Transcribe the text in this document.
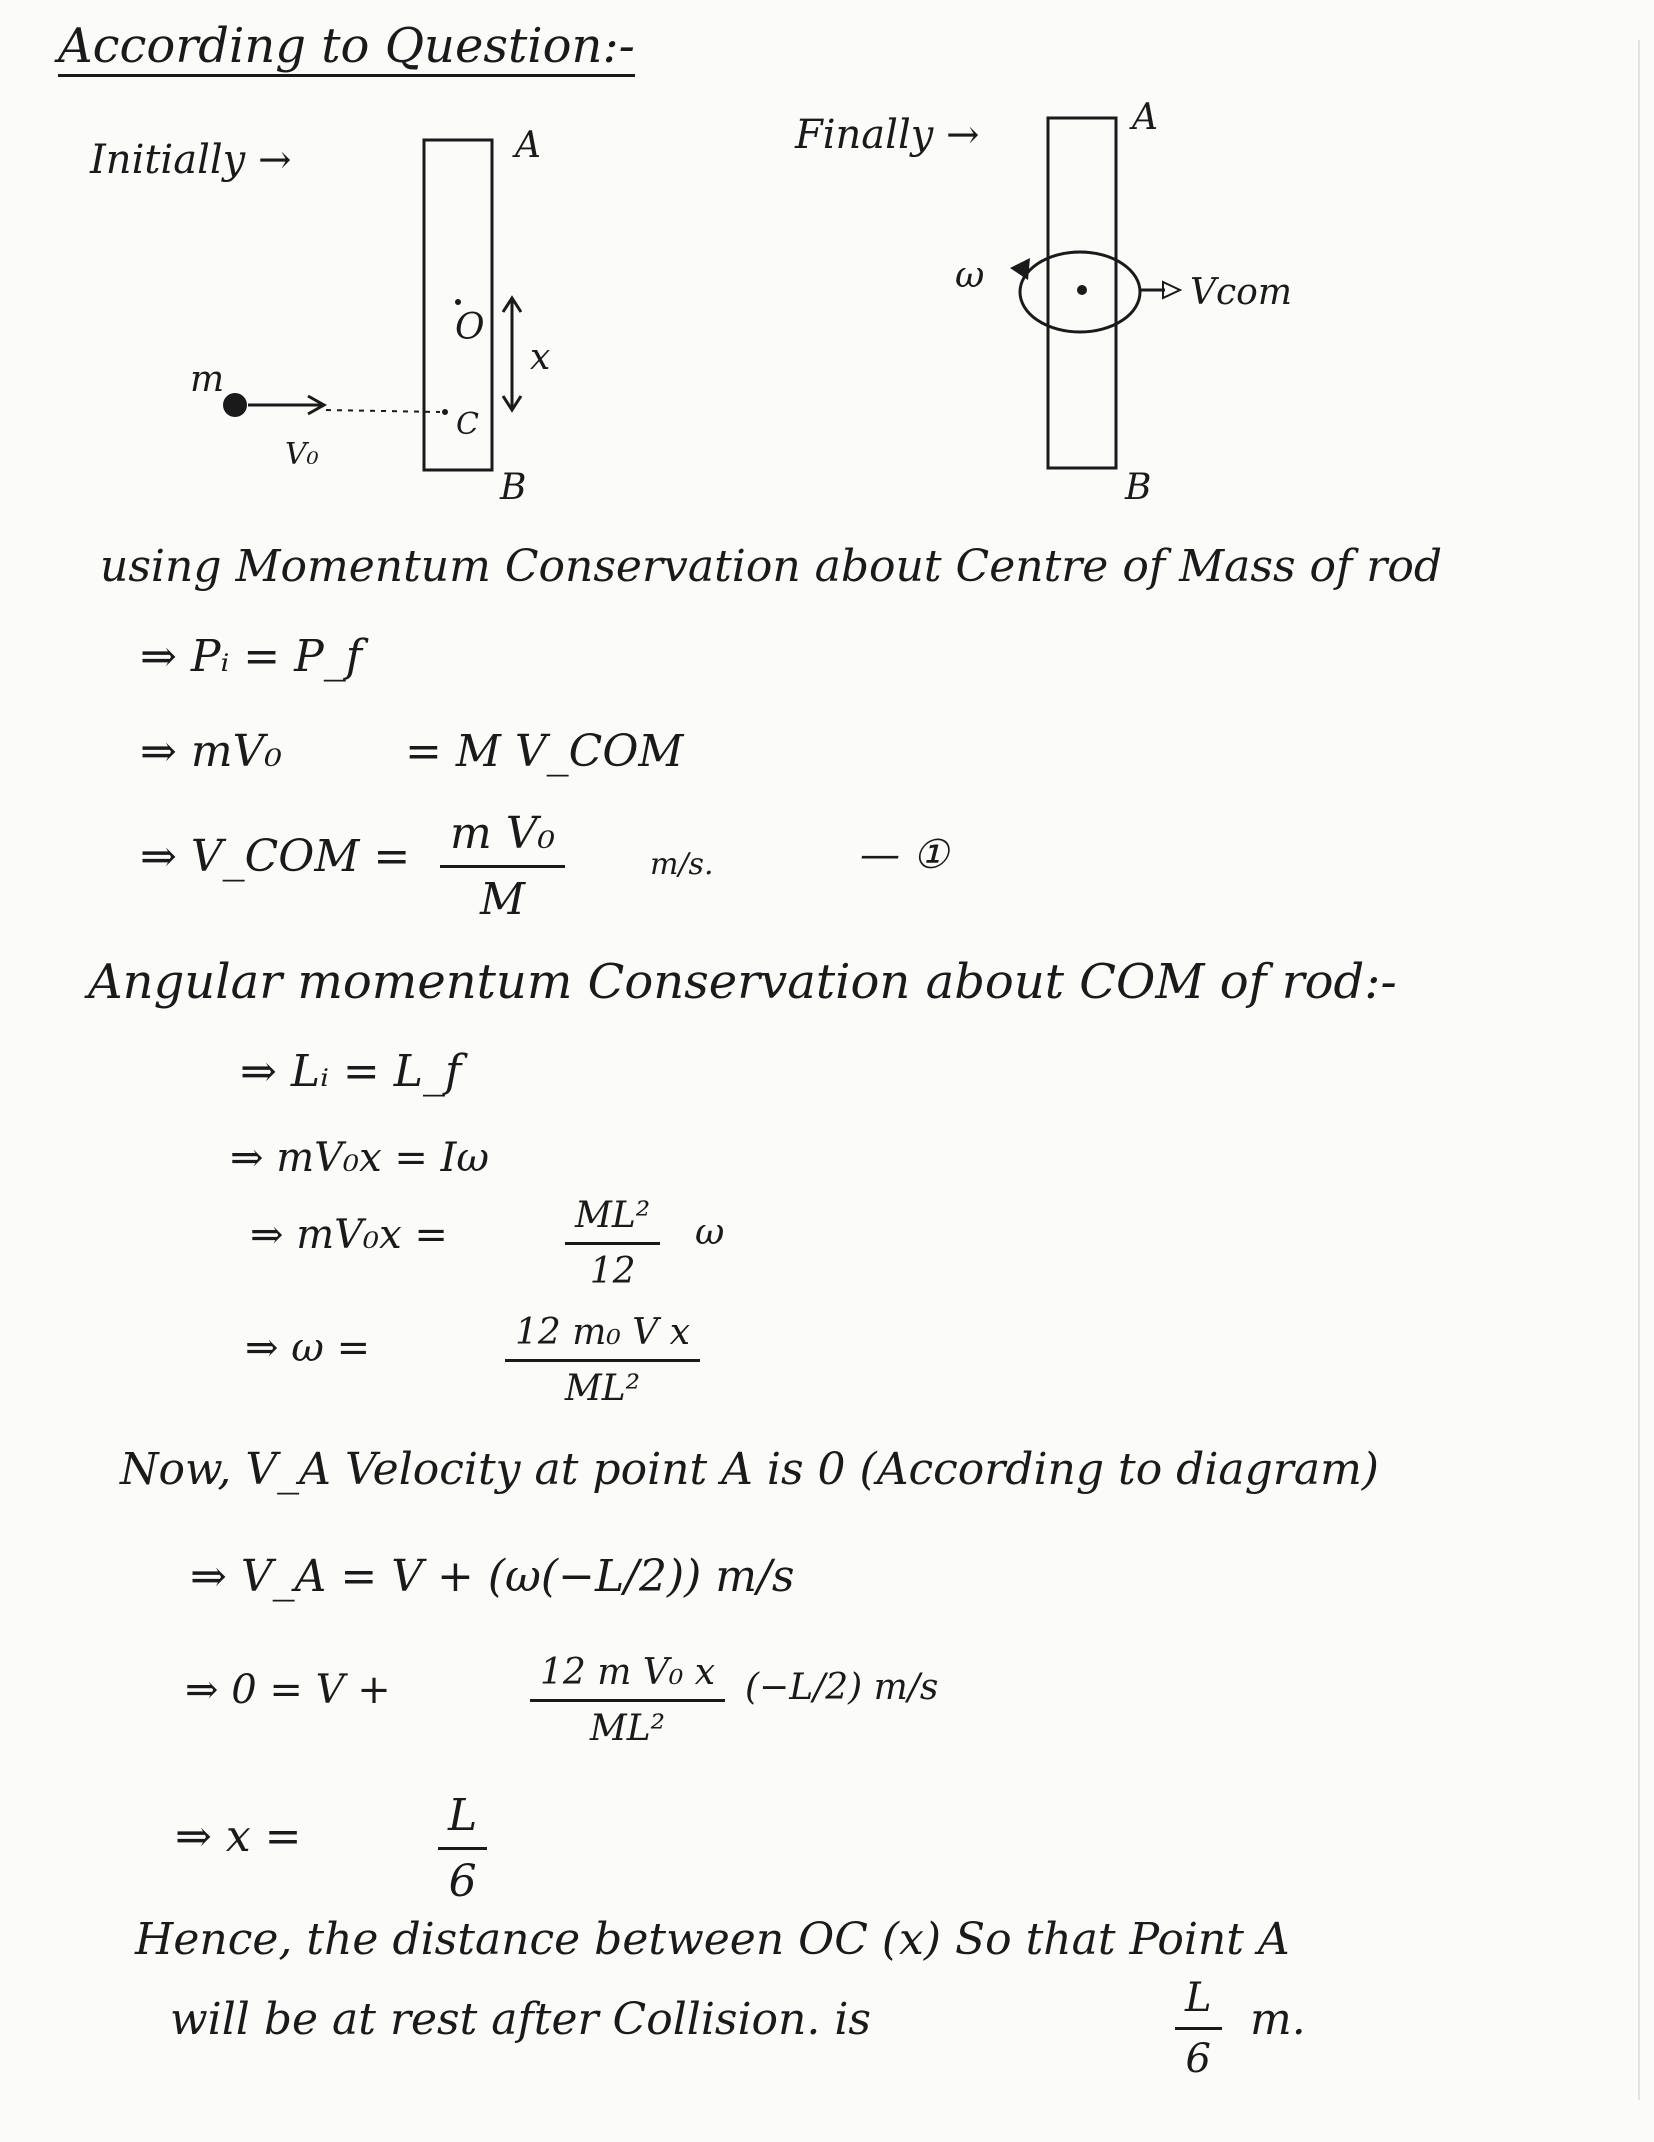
According to Question:-
Initially →
Finally →
A
B
O
C
x
m
V₀
A
B
ω	Vcom
using Momentum Conservation about Centre of Mass of rod
⇒ Pᵢ = P_f
⇒ mV₀	= M V_COM
⇒ V_COM = $\frac{\text{m V₀}}{M}$	m/s.	— ①
Angular momentum Conservation about COM of rod:-
⇒ Lᵢ = L_f
⇒ mV₀x = Iω
⇒ mV₀x =	$\frac{\text{ML²}}{12}$ ω
⇒ ω =	$\frac{\text{12 m₀ V x}}{\text{ML²}}$
Now, V_A Velocity at point A is 0 (According to diagram)
⇒ V_A = V + (ω(−L/2)) m/s
⇒ 0 = V +	$\frac{\text{12 m V₀ x}}{\text{ML²}} (-L/2)$ m/s
⇒ x =	$\frac{L}{6}$
Hence, the distance between OC (x) So that Point A
will be at rest after Collision. is	$\frac{L}{6} m$.
